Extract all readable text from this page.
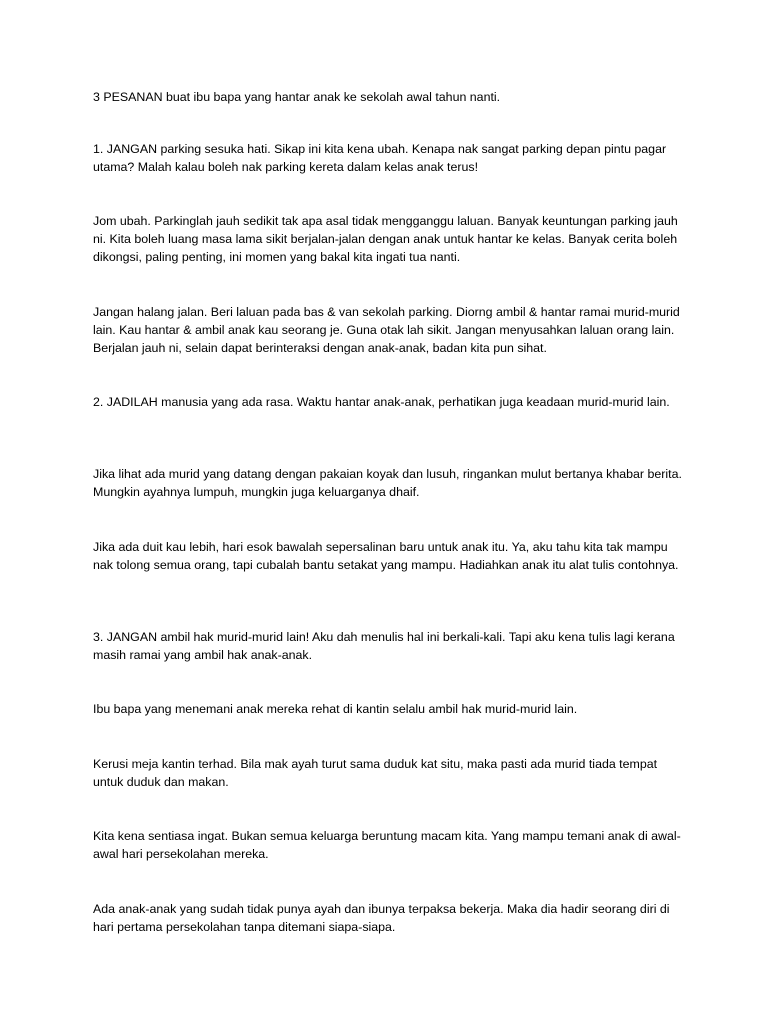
3 PESANAN buat ibu bapa yang hantar anak ke sekolah awal tahun nanti.

1. JANGAN parking sesuka hati. Sikap ini kita kena ubah. Kenapa nak sangat parking depan pintu pagar utama? Malah kalau boleh nak parking kereta dalam kelas anak terus!

Jom ubah. Parkinglah jauh sedikit tak apa asal tidak mengganggu laluan. Banyak keuntungan parking jauh ni. Kita boleh luang masa lama sikit berjalan-jalan dengan anak untuk hantar ke kelas. Banyak cerita boleh dikongsi, paling penting, ini momen yang bakal kita ingati tua nanti.

Jangan halang jalan. Beri laluan pada bas & van sekolah parking. Diorng ambil & hantar ramai murid-murid lain. Kau hantar & ambil anak kau seorang je. Guna otak lah sikit. Jangan menyusahkan laluan orang lain. Berjalan jauh ni, selain dapat berinteraksi dengan anak-anak, badan kita pun sihat.

2. JADILAH manusia yang ada rasa. Waktu hantar anak-anak, perhatikan juga keadaan murid-murid lain.

Jika lihat ada murid yang datang dengan pakaian koyak dan lusuh, ringankan mulut bertanya khabar berita. Mungkin ayahnya lumpuh, mungkin juga keluarganya dhaif.

Jika ada duit kau lebih, hari esok bawalah sepersalinan baru untuk anak itu. Ya, aku tahu kita tak mampu nak tolong semua orang, tapi cubalah bantu setakat yang mampu. Hadiahkan anak itu alat tulis contohnya.

3. JANGAN ambil hak murid-murid lain! Aku dah menulis hal ini berkali-kali. Tapi aku kena tulis lagi kerana masih ramai yang ambil hak anak-anak.

Ibu bapa yang menemani anak mereka rehat di kantin selalu ambil hak murid-murid lain.

Kerusi meja kantin terhad. Bila mak ayah turut sama duduk kat situ, maka pasti ada murid tiada tempat untuk duduk dan makan.

Kita kena sentiasa ingat. Bukan semua keluarga beruntung macam kita. Yang mampu temani anak di awal-awal hari persekolahan mereka.

Ada anak-anak yang sudah tidak punya ayah dan ibunya terpaksa bekerja. Maka dia hadir seorang diri di hari pertama persekolahan tanpa ditemani siapa-siapa.
